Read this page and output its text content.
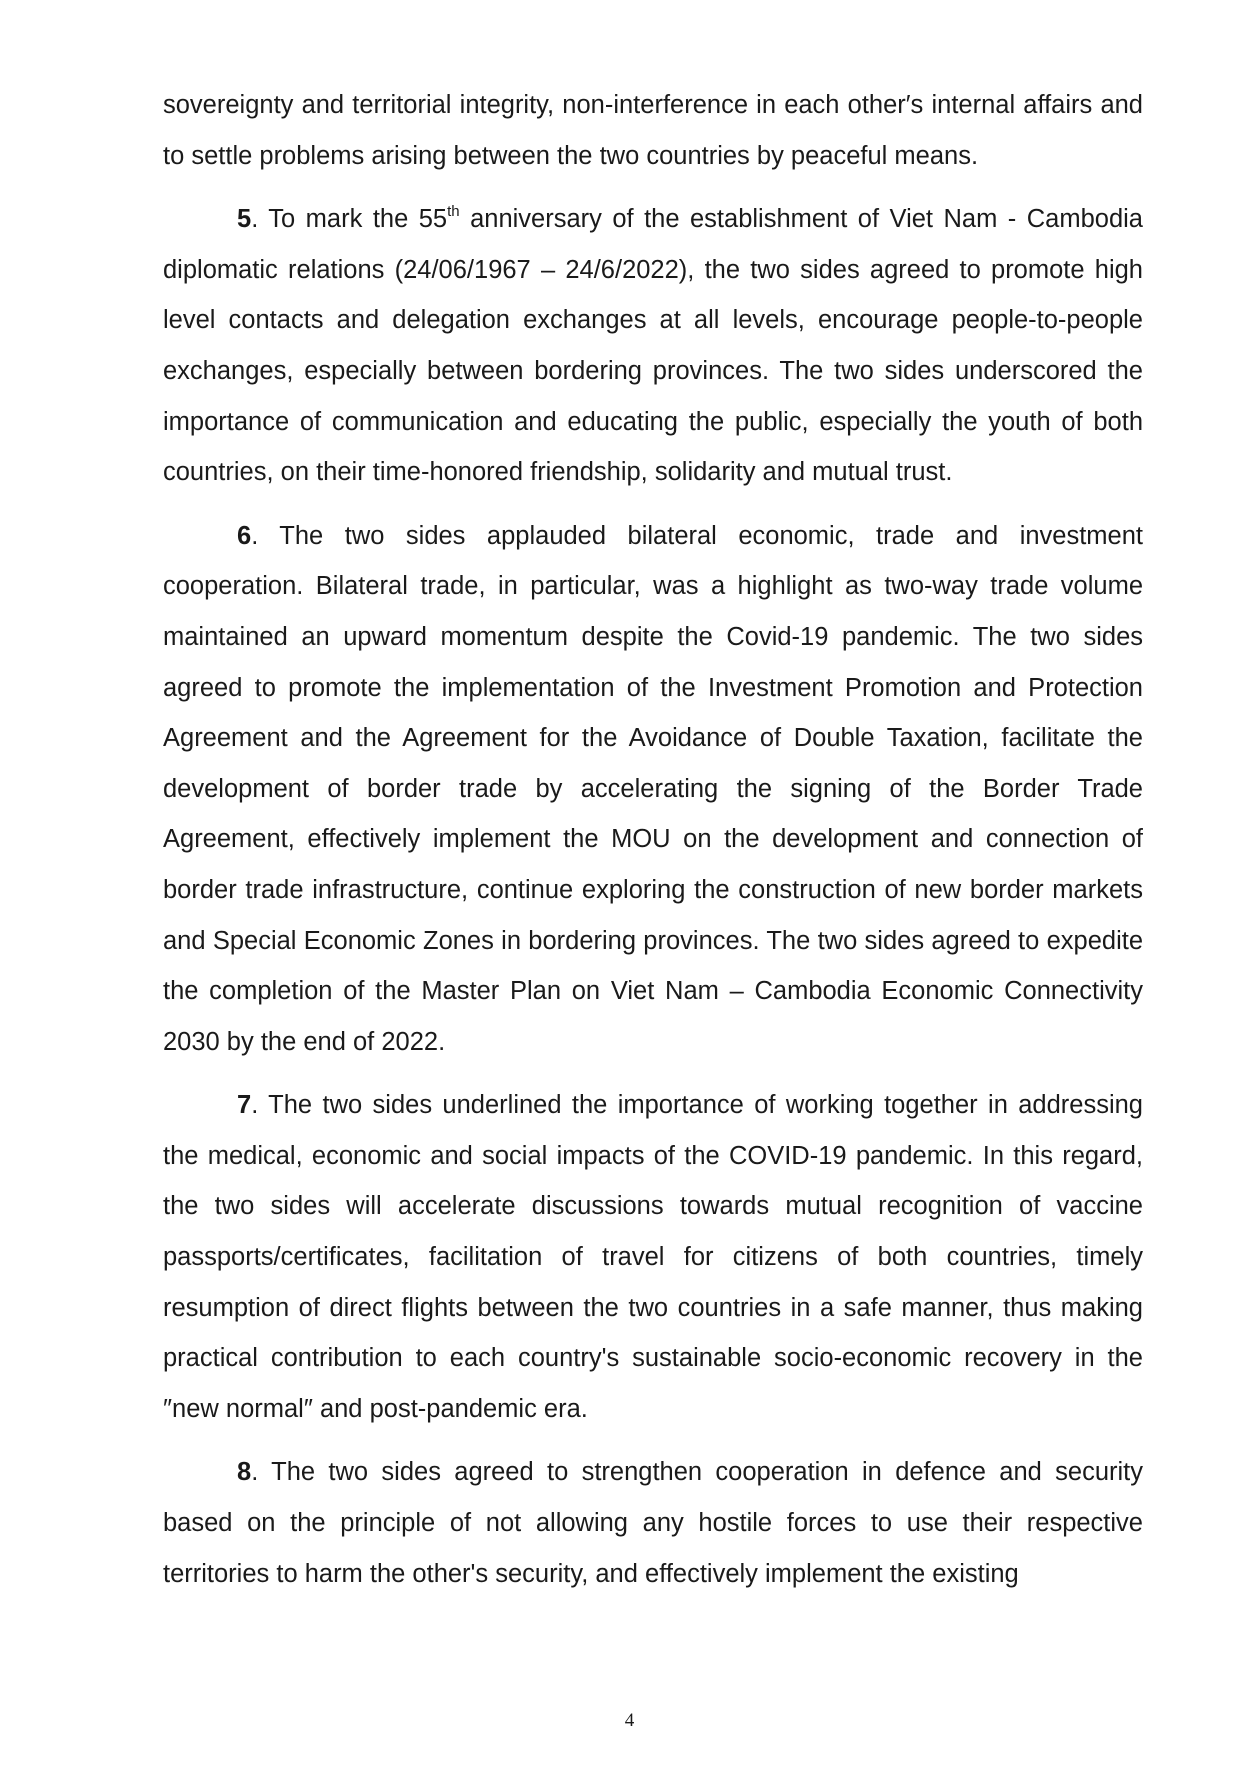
sovereignty and territorial integrity, non-interference in each other′s internal affairs and to settle problems arising between the two countries by peaceful means.

5. To mark the 55th anniversary of the establishment of Viet Nam - Cambodia diplomatic relations (24/06/1967 – 24/6/2022), the two sides agreed to promote high level contacts and delegation exchanges at all levels, encourage people-to-people exchanges, especially between bordering provinces. The two sides underscored the importance of communication and educating the public, especially the youth of both countries, on their time-honored friendship, solidarity and mutual trust.

6. The two sides applauded bilateral economic, trade and investment cooperation. Bilateral trade, in particular, was a highlight as two-way trade volume maintained an upward momentum despite the Covid-19 pandemic. The two sides agreed to promote the implementation of the Investment Promotion and Protection Agreement and the Agreement for the Avoidance of Double Taxation, facilitate the development of border trade by accelerating the signing of the Border Trade Agreement, effectively implement the MOU on the development and connection of border trade infrastructure, continue exploring the construction of new border markets and Special Economic Zones in bordering provinces. The two sides agreed to expedite the completion of the Master Plan on Viet Nam – Cambodia Economic Connectivity 2030 by the end of 2022.

7. The two sides underlined the importance of working together in addressing the medical, economic and social impacts of the COVID-19 pandemic. In this regard, the two sides will accelerate discussions towards mutual recognition of vaccine passports/certificates, facilitation of travel for citizens of both countries, timely resumption of direct flights between the two countries in a safe manner, thus making practical contribution to each country's sustainable socio-economic recovery in the ″new normal″ and post-pandemic era.

8. The two sides agreed to strengthen cooperation in defence and security based on the principle of not allowing any hostile forces to use their respective territories to harm the other's security, and effectively implement the existing

4
